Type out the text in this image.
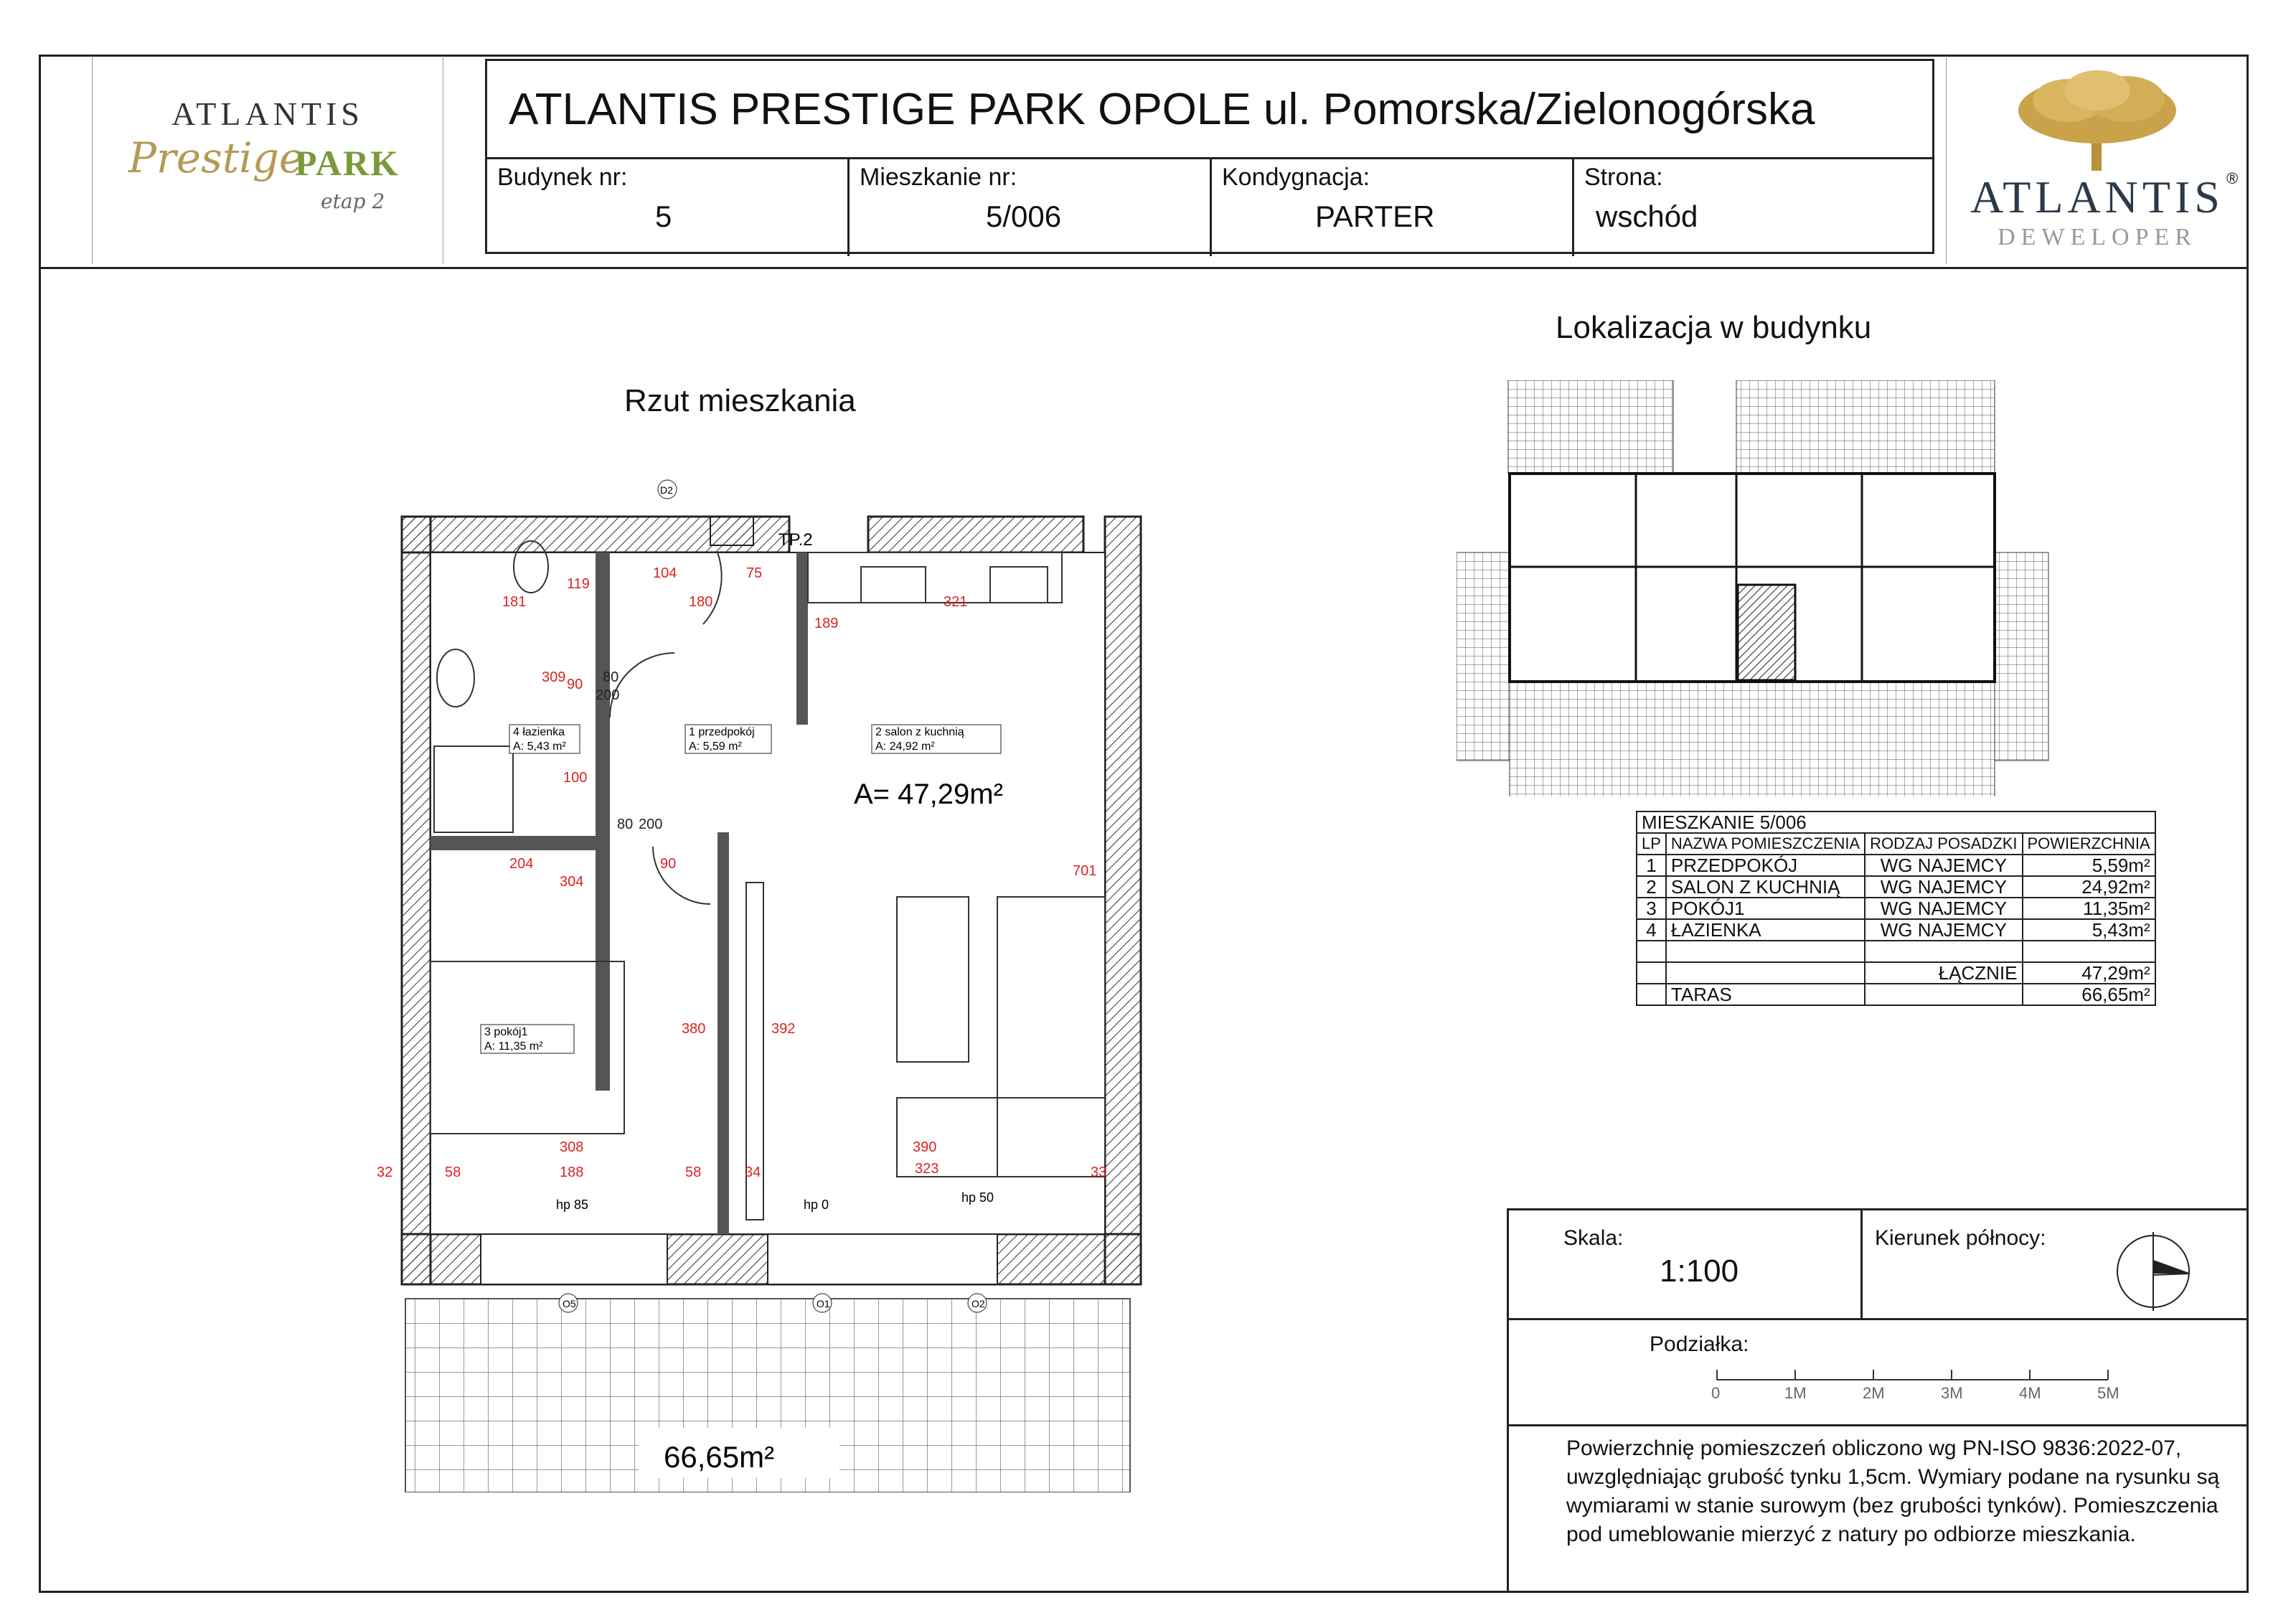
ATLANTIS
Prestige
PARK
etap 2
ATLANTIS PRESTIGE PARK OPOLE ul. Pomorska/Zielonogórska
Budynek nr:
5
Mieszkanie nr:
5/006
Kondygnacja:
PARTER
Strona:
wschód	ATLANTIS ®
DEWELOPER
Rzut mieszkania
Lokalizacja w budynku
4 łazienka
A: 5,43 m²
1 przedpokój
A: 5,59 m²
2 salon z kuchnią
A: 24,92 m²
3 pokój1
A: 11,35 m²
A= 47,29m²
TP.2
D2
hp 85	hp 0	hp 50
181
119
104	75
180
189
321
309 90 80
200
100
204
304
80 200
90	701
380	392
308	390
323
32	58	188	58	34	33
66,65m²
O5	O1	O2
MIESZKANIE 5/006			
LP	NAZWA POMIESZCZENIA	RODZAJ POSADZKI	POWIERZCHNIA
1	PRZEDPOKÓJ	WG NAJEMCY	5,59m²
2	SALON Z KUCHNIĄ	WG NAJEMCY	24,92m²
3	POKÓJ1	WG NAJEMCY	11,35m²
4	ŁAZIENKA	WG NAJEMCY	5,43m²

		ŁĄCZNIE	47,29m²
	TARAS		66,65m²
Skala:
1:100
Kierunek północy:
Podziałka:
0	1M	2M	3M	4M	5M
Powierzchnię pomieszczeń obliczono wg PN-ISO 9836:2022-07, uwzględniając grubość tynku 1,5cm. Wymiary podane na rysunku są wymiarami w stanie surowym (bez grubości tynków). Pomieszczenia pod umeblowanie mierzyć z natury po odbiorze mieszkania.
